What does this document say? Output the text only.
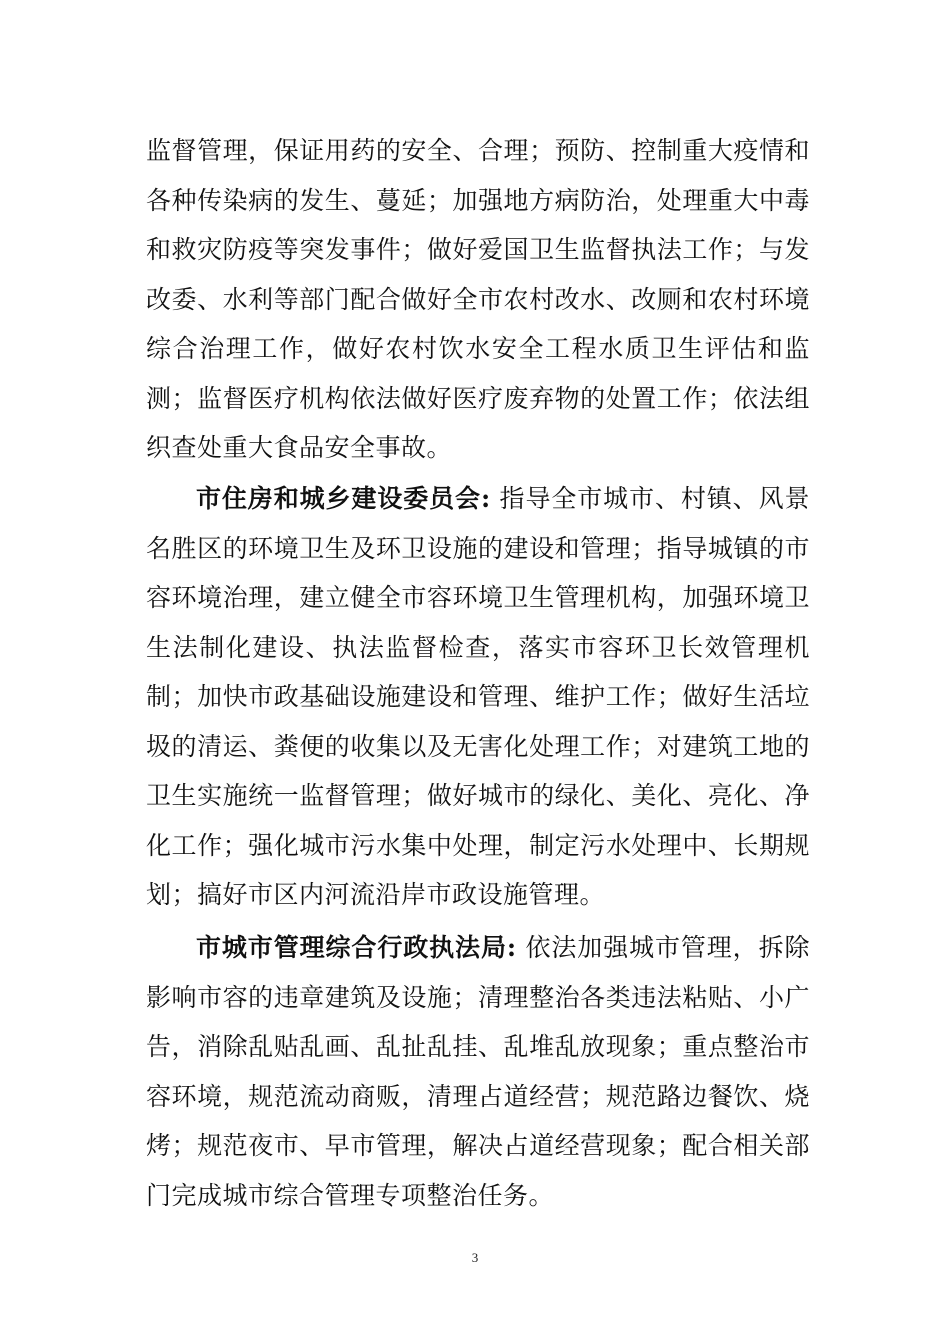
监督管理，保证用药的安全、合理；预防、控制重大疫情和各种传染病的发生、蔓延；加强地方病防治，处理重大中毒和救灾防疫等突发事件；做好爱国卫生监督执法工作；与发改委、水利等部门配合做好全市农村改水、改厕和农村环境综合治理工作，做好农村饮水安全工程水质卫生评估和监测；监督医疗机构依法做好医疗废弃物的处置工作；依法组织查处重大食品安全事故。

市住房和城乡建设委员会: 指导全市城市、村镇、风景名胜区的环境卫生及环卫设施的建设和管理；指导城镇的市容环境治理，建立健全市容环境卫生管理机构，加强环境卫生法制化建设、执法监督检查，落实市容环卫长效管理机制；加快市政基础设施建设和管理、维护工作；做好生活垃圾的清运、粪便的收集以及无害化处理工作；对建筑工地的卫生实施统一监督管理；做好城市的绿化、美化、亮化、净化工作；强化城市污水集中处理，制定污水处理中、长期规划；搞好市区内河流沿岸市政设施管理。

市城市管理综合行政执法局: 依法加强城市管理，拆除影响市容的违章建筑及设施；清理整治各类违法粘贴、小广告，消除乱贴乱画、乱扯乱挂、乱堆乱放现象；重点整治市容环境，规范流动商贩，清理占道经营；规范路边餐饮、烧烤；规范夜市、早市管理，解决占道经营现象；配合相关部门完成城市综合管理专项整治任务。

3
